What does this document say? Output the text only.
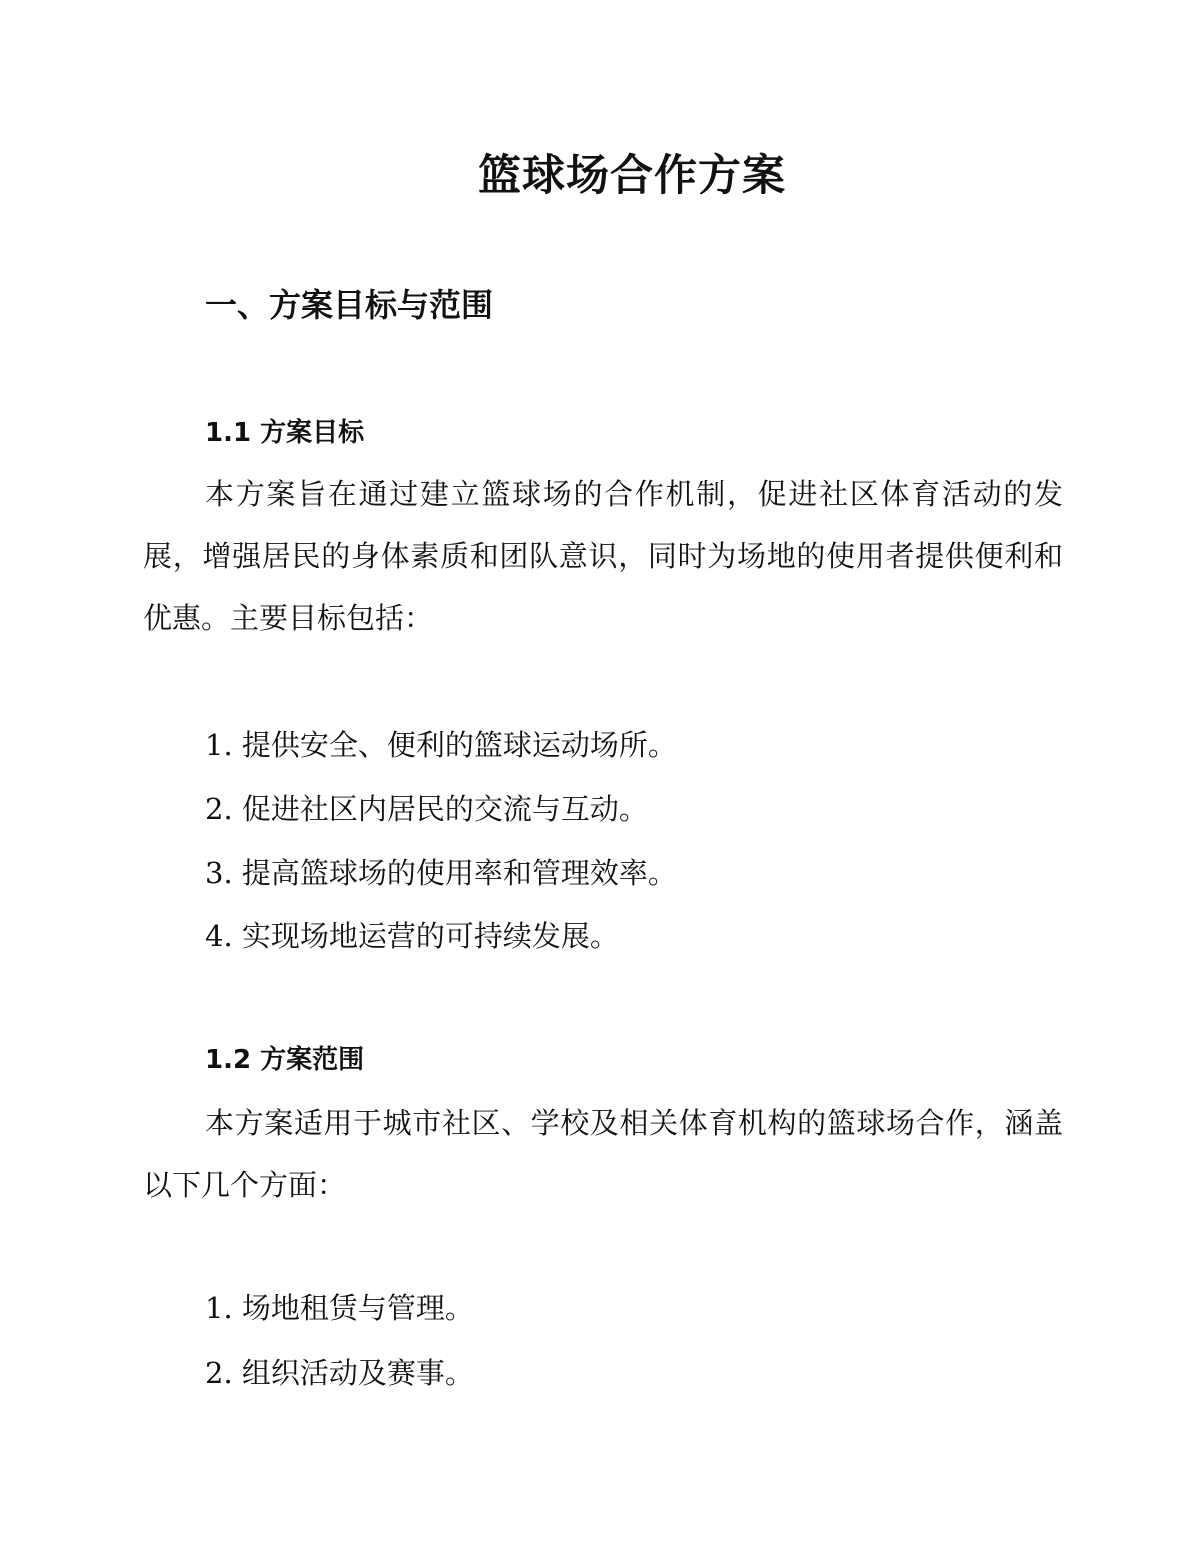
篮球场合作方案
一、方案目标与范围
1.1 方案目标

本方案旨在通过建立篮球场的合作机制，促进社区体育活动的发展，增强居民的身体素质和团队意识，同时为场地的使用者提供便利和优惠。主要目标包括：

1. 提供安全、便利的篮球运动场所。
2. 促进社区内居民的交流与互动。
3. 提高篮球场的使用率和管理效率。
4. 实现场地运营的可持续发展。
1.2 方案范围

本方案适用于城市社区、学校及相关体育机构的篮球场合作，涵盖以下几个方面：

1. 场地租赁与管理。
2. 组织活动及赛事。
